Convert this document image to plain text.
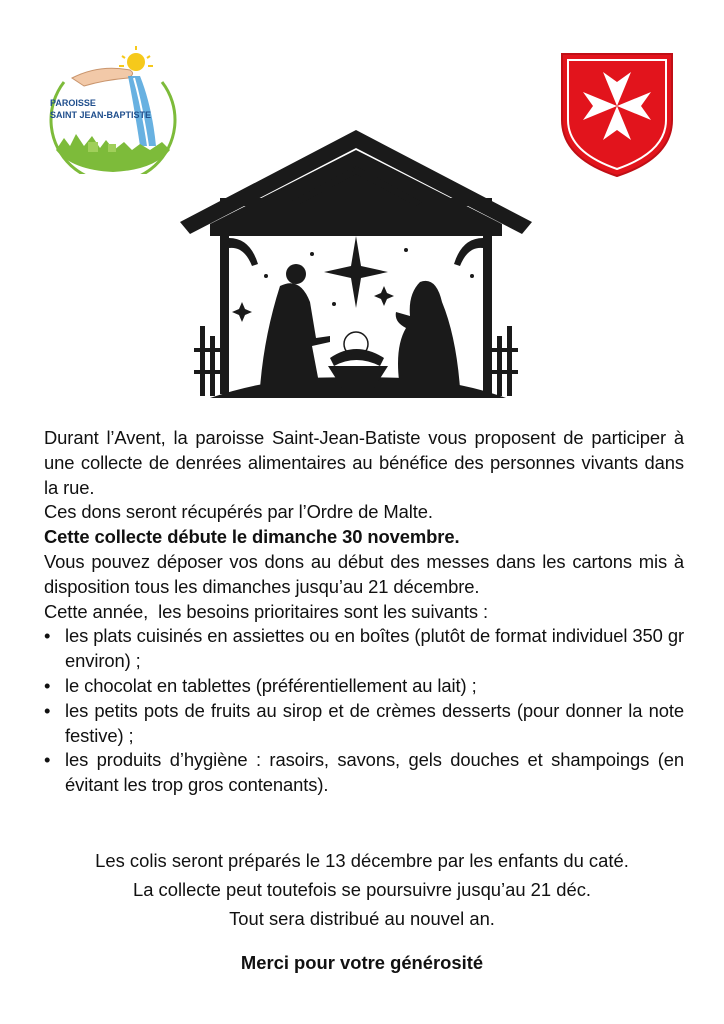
PAROISSE
SAINT JEAN-BAPTISTE

Durant l’Avent, la paroisse Saint-Jean-Batiste vous proposent de participer à une collecte de denrées alimentaires au bénéfice des personnes vivants dans la rue.

Ces dons seront récupérés par l’Ordre de Malte.

Cette collecte débute le dimanche 30 novembre.

Vous pouvez déposer vos dons au début des messes dans les cartons mis à disposition tous les dimanches jusqu’au 21 décembre.

Cette année,  les besoins prioritaires sont les suivants :

• les plats cuisinés en assiettes ou en boîtes (plutôt de format individuel 350 gr environ) ;
• le chocolat en tablettes (préférentiellement au lait) ;
• les petits pots de fruits au sirop et de crèmes desserts (pour donner la note festive) ;
• les produits d’hygiène : rasoirs, savons, gels douches et shampoings (en évitant les trop gros contenants).

Les colis seront préparés le 13 décembre par les enfants du caté.

La collecte peut toutefois se poursuivre jusqu’au 21 déc.

Tout sera distribué au nouvel an.

Merci pour votre générosité
